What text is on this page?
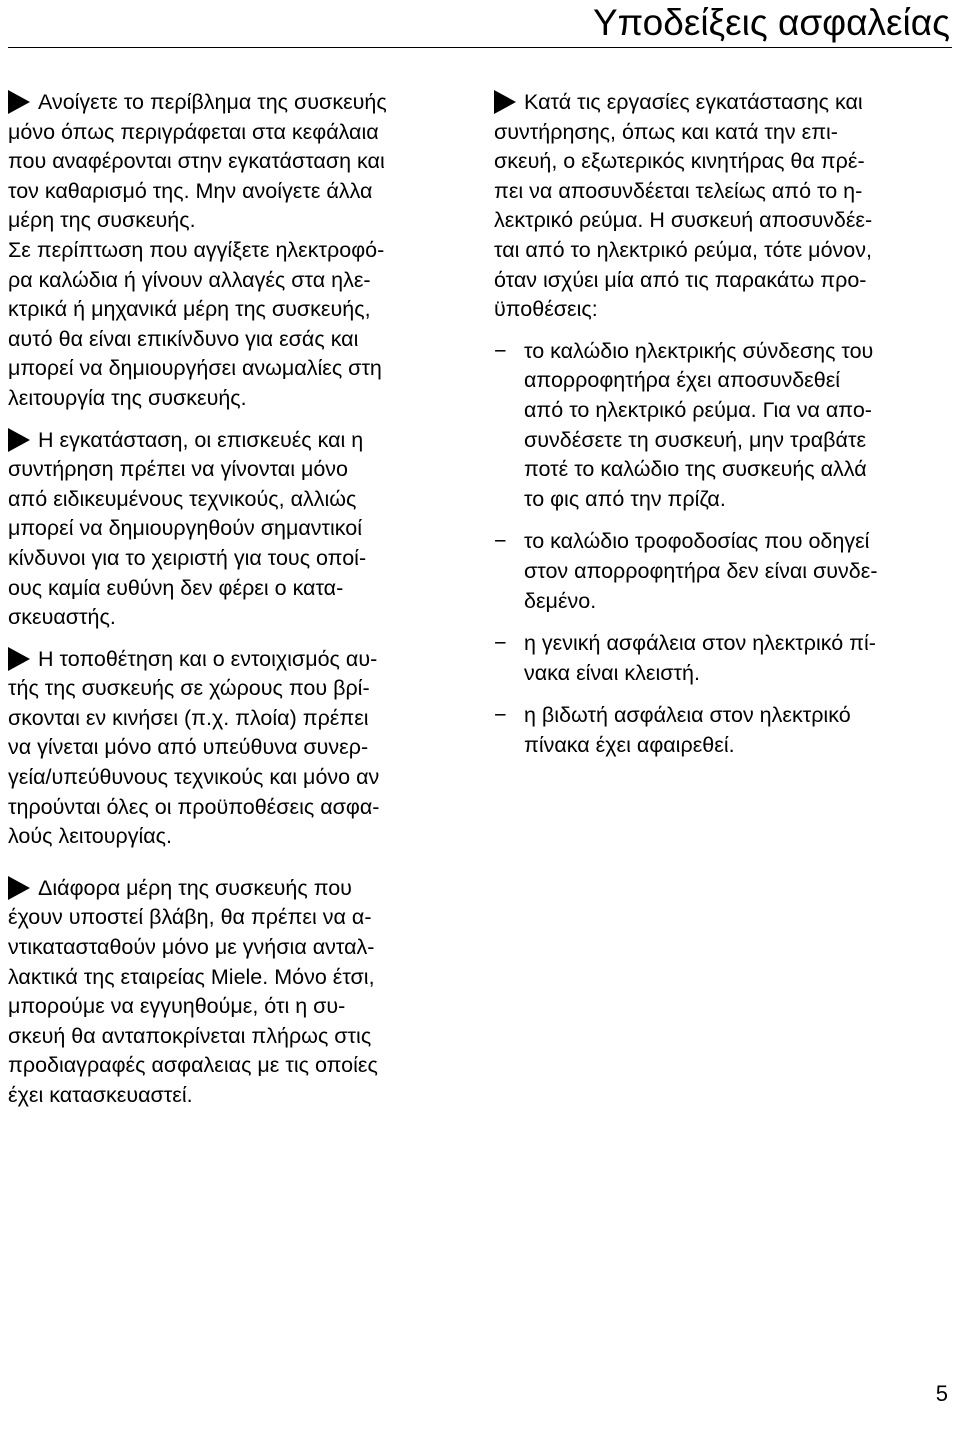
Υποδείξεις ασφαλείας

Ανοίγετε το περίβλημα της συσκευής
μόνο όπως περιγράφεται στα κεφάλαια
που αναφέρονται στην εγκατάσταση και
τον καθαρισμό της. Μην ανοίγετε άλλα
μέρη της συσκευής.
Σε περίπτωση που αγγίξετε ηλεκτροφό-
ρα καλώδια ή γίνουν αλλαγές στα ηλε-
κτρικά ή μηχανικά μέρη της συσκευής,
αυτό θα είναι επικίνδυνο για εσάς και
μπορεί να δημιουργήσει ανωμαλίες στη
λειτουργία της συσκευής.

Η εγκατάσταση, οι επισκευές και η
συντήρηση πρέπει να γίνονται μόνο
από ειδικευμένους τεχνικούς, αλλιώς
μπορεί να δημιουργηθούν σημαντικοί
κίνδυνοι για το χειριστή για τους οποί-
ους καμία ευθύνη δεν φέρει ο κατα-
σκευαστής.

Η τοποθέτηση και ο εντοιχισμός αυ-
τής της συσκευής σε χώρους που βρί-
σκονται εν κινήσει (π.χ. πλοία) πρέπει
να γίνεται μόνο από υπεύθυνα συνερ-
γεία/υπεύθυνους τεχνικούς και μόνο αν
τηρούνται όλες οι προϋποθέσεις ασφα-
λούς λειτουργίας.

Διάφορα μέρη της συσκευής που
έχουν υποστεί βλάβη, θα πρέπει να α-
ντικατασταθούν μόνο με γνήσια ανταλ-
λακτικά της εταιρείας Miele. Μόνο έτσι,
μπορούμε να εγγυηθούμε, ότι η συ-
σκευή θα ανταποκρίνεται πλήρως στις
προδιαγραφές ασφαλειας με τις οποίες
έχει κατασκευαστεί.

Κατά τις εργασίες εγκατάστασης και
συντήρησης, όπως και κατά την επι-
σκευή, ο εξωτερικός κινητήρας θα πρέ-
πει να αποσυνδέεται τελείως από το η-
λεκτρικό ρεύμα. Η συσκευή αποσυνδέε-
ται από το ηλεκτρικό ρεύμα, τότε μόνον,
όταν ισχύει μία από τις παρακάτω προ-
ϋποθέσεις:

− το καλώδιο ηλεκτρικής σύνδεσης του
απορροφητήρα έχει αποσυνδεθεί
από το ηλεκτρικό ρεύμα. Για να απο-
συνδέσετε τη συσκευή, μην τραβάτε
ποτέ το καλώδιο της συσκευής αλλά
το φις από την πρίζα.
− το καλώδιο τροφοδοσίας που οδηγεί
στον απορροφητήρα δεν είναι συνδε-
δεμένο.
− η γενική ασφάλεια στον ηλεκτρικό πί-
νακα είναι κλειστή.
− η βιδωτή ασφάλεια στον ηλεκτρικό
πίνακα έχει αφαιρεθεί.
5
